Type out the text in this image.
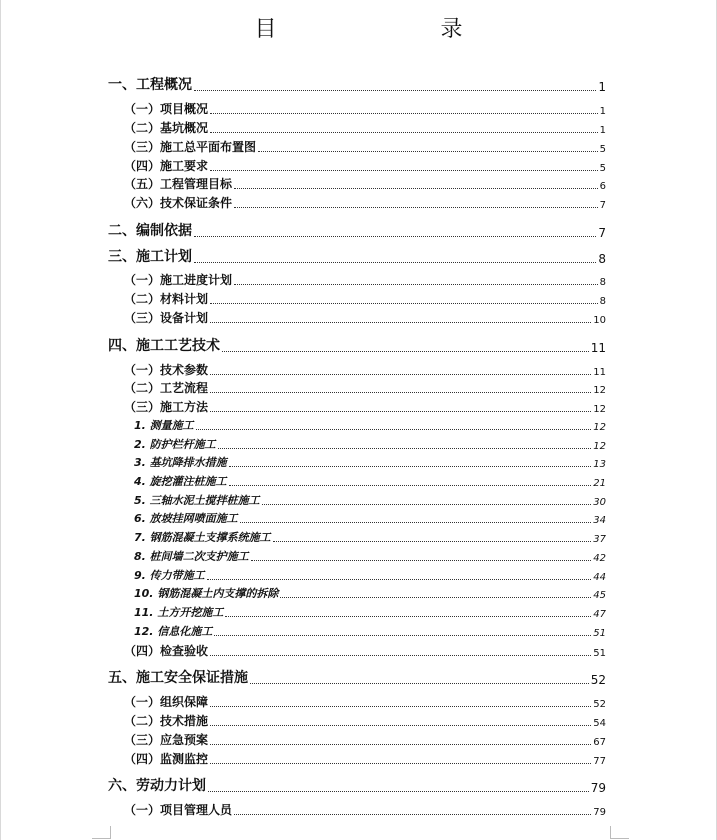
目　　录
一、工程概况	1
（一）项目概况	1
（二）基坑概况	1
（三）施工总平面布置图	5
（四）施工要求	5
（五）工程管理目标	6
（六）技术保证条件	7
二、编制依据	7
三、施工计划	8
（一）施工进度计划	8
（二）材料计划	8
（三）设备计划	10
四、施工工艺技术	11
（一）技术参数	11
（二）工艺流程	12
（三）施工方法	12
1. 测量施工	12
2. 防护栏杆施工	12
3. 基坑降排水措施	13
4. 旋挖灌注桩施工	21
5. 三轴水泥土搅拌桩施工	30
6. 放坡挂网喷面施工	34
7. 钢筋混凝土支撑系统施工	37
8. 桩间墙二次支护施工	42
9. 传力带施工	44
10. 钢筋混凝土内支撑的拆除	45
11. 土方开挖施工	47
12. 信息化施工	51
（四）检查验收	51
五、施工安全保证措施	52
（一）组织保障	52
（二）技术措施	54
（三）应急预案	67
（四）监测监控	77
六、劳动力计划	79
（一）项目管理人员	79
